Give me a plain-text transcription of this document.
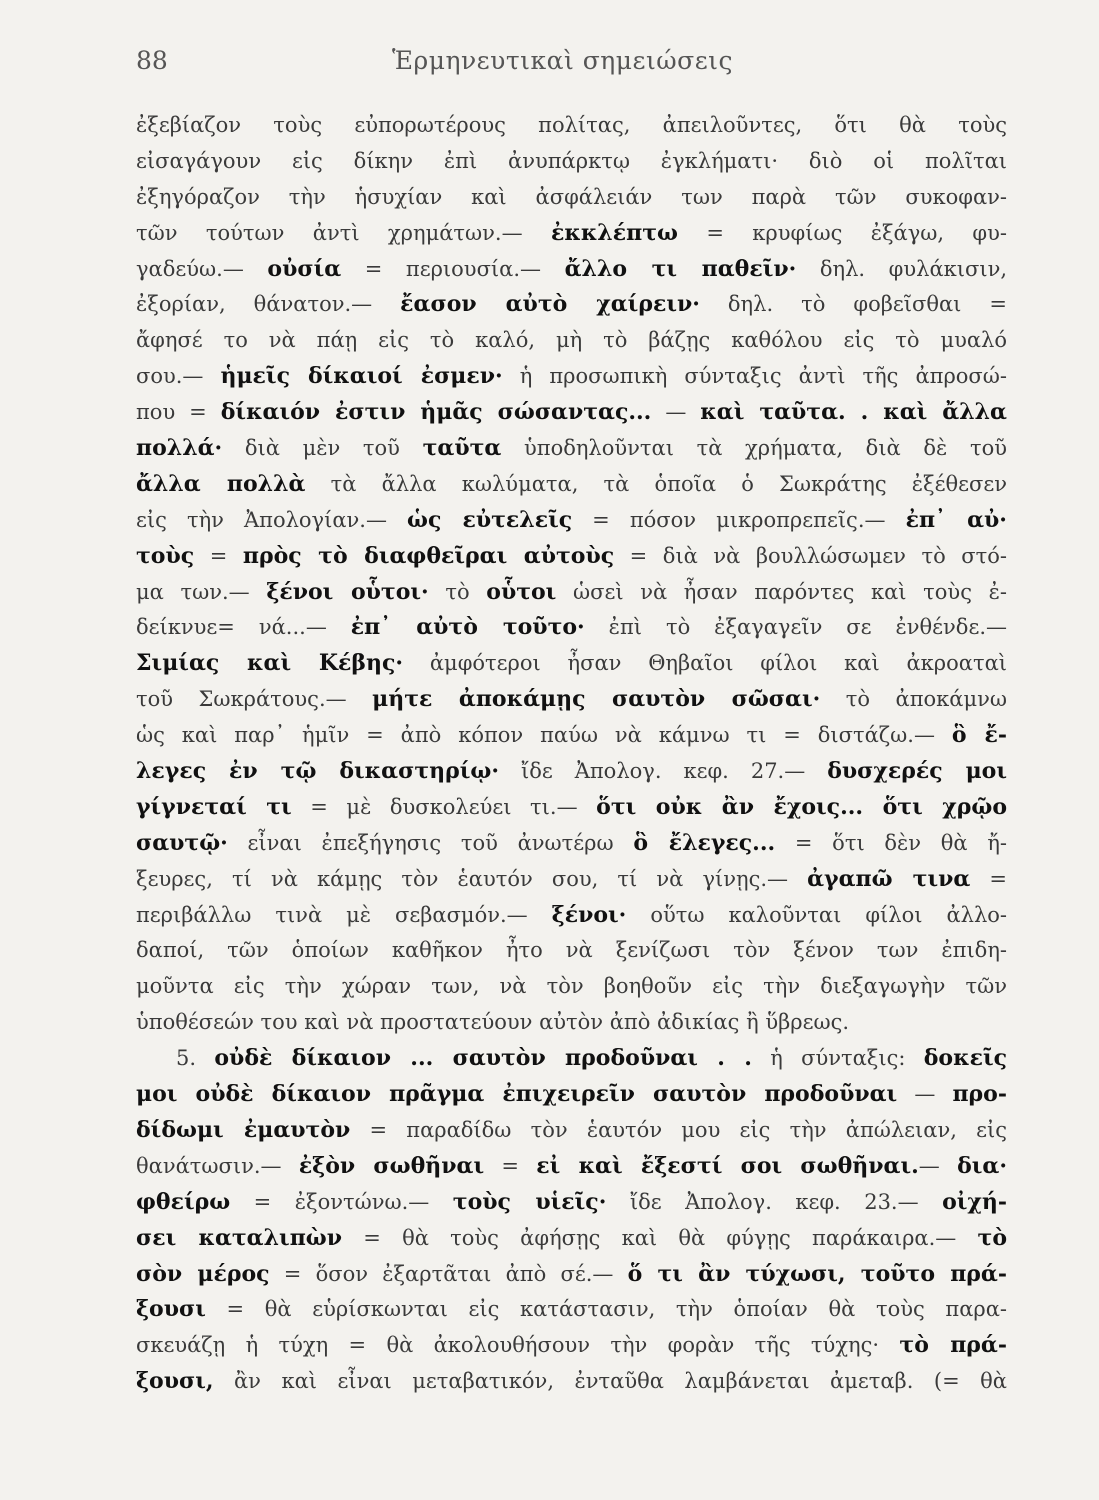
88	Ἑρμηνευτικαὶ σημειώσεις
ἐξεβίαζον τοὺς εὐπορωτέρους πολίτας, ἀπειλοῦντες, ὅτι θὰ τοὺς
εἰσαγάγουν εἰς δίκην ἐπὶ ἀνυπάρκτῳ ἐγκλήματι· διὸ οἱ πολῖται
ἐξηγόραζον τὴν ἡσυχίαν καὶ ἀσφάλειάν των παρὰ τῶν συκοφαν-
τῶν τούτων ἀντὶ χρημάτων.— ἐκκλέπτω = κρυφίως ἐξάγω, φυ-
γαδεύω.— οὐσία = περιουσία.— ἄλλο τι παθεῖν· δηλ. φυλάκισιν,
ἐξορίαν, θάνατον.— ἔασον αὐτὸ χαίρειν· δηλ. τὸ φοβεῖσθαι =
ἄφησέ το νὰ πάῃ εἰς τὸ καλό, μὴ τὸ βάζῃς καθόλου εἰς τὸ μυαλό
σου.— ἡμεῖς δίκαιοί ἐσμεν· ἡ προσωπικὴ σύνταξις ἀντὶ τῆς ἀπροσώ-
που = δίκαιόν ἐστιν ἡμᾶς σώσαντας... — καὶ ταῦτα. . καὶ ἄλλα
πολλά· διὰ μὲν τοῦ ταῦτα ὑποδηλοῦνται τὰ χρήματα, διὰ δὲ τοῦ
ἄλλα πολλὰ τὰ ἄλλα κωλύματα, τὰ ὁποῖα ὁ Σωκράτης ἐξέθεσεν
εἰς τὴν Ἀπολογίαν.— ὡς εὐτελεῖς = πόσον μικροπρεπεῖς.— ἐπ᾽ αὐ·
τοὺς = πρὸς τὸ διαφθεῖραι αὐτοὺς = διὰ νὰ βουλλώσωμεν τὸ στό-
μα των.— ξένοι οὗτοι· τὸ οὗτοι ὡσεὶ νὰ ἦσαν παρόντες καὶ τοὺς ἐ-
δείκνυε= νά...— ἐπ᾽ αὐτὸ τοῦτο· ἐπὶ τὸ ἐξαγαγεῖν σε ἐνθένδε.—
Σιμίας καὶ Κέβης· ἀμφότεροι ἦσαν Θηβαῖοι φίλοι καὶ ἀκροαταὶ
τοῦ Σωκράτους.— μήτε ἀποκάμῃς σαυτὸν σῶσαι· τὸ ἀποκάμνω
ὡς καὶ παρ᾽ ἡμῖν = ἀπὸ κόπον παύω νὰ κάμνω τι = διστάζω.— ὃ ἔ-
λεγες ἐν τῷ δικαστηρίῳ· ἴδε Ἀπολογ. κεφ. 27.— δυσχερές μοι
γίγνεταί τι = μὲ δυσκολεύει τι.— ὅτι οὐκ ἂν ἔχοις... ὅτι χρῷο
σαυτῷ· εἶναι ἐπεξήγησις τοῦ ἀνωτέρω ὃ ἔλεγες... = ὅτι δὲν θὰ ἤ-
ξευρες, τί νὰ κάμῃς τὸν ἑαυτόν σου, τί νὰ γίνῃς.— ἀγαπῶ τινα =
περιβάλλω τινὰ μὲ σεβασμόν.— ξένοι· οὕτω καλοῦνται φίλοι ἀλλο-
δαποί, τῶν ὁποίων καθῆκον ἦτο νὰ ξενίζωσι τὸν ξένον των ἐπιδη-
μοῦντα εἰς τὴν χώραν των, νὰ τὸν βοηθοῦν εἰς τὴν διεξαγωγὴν τῶν
ὑποθέσεών του καὶ νὰ προστατεύουν αὐτὸν ἀπὸ ἀδικίας ἢ ὕβρεως.
5. οὐδὲ δίκαιον ... σαυτὸν προδοῦναι . . ἡ σύνταξις: δοκεῖς
μοι οὐδὲ δίκαιον πρᾶγμα ἐπιχειρεῖν σαυτὸν προδοῦναι — προ-
δίδωμι ἐμαυτὸν = παραδίδω τὸν ἑαυτόν μου εἰς τὴν ἀπώλειαν, εἰς
θανάτωσιν.— ἐξὸν σωθῆναι = εἰ καὶ ἔξεστί σοι σωθῆναι.— δια·
φθείρω = ἐξοντώνω.— τοὺς υἱεῖς· ἴδε Ἀπολογ. κεφ. 23.— οἰχή-
σει καταλιπὼν = θὰ τοὺς ἀφήσῃς καὶ θὰ φύγῃς παράκαιρα.— τὸ
σὸν μέρος = ὅσον ἐξαρτᾶται ἀπὸ σέ.— ὅ τι ἂν τύχωσι, τοῦτο πρά-
ξουσι = θὰ εὑρίσκωνται εἰς κατάστασιν, τὴν ὁποίαν θὰ τοὺς παρα-
σκευάζῃ ἡ τύχη = θὰ ἀκολουθήσουν τὴν φορὰν τῆς τύχης· τὸ πρά-
ξουσι, ἂν καὶ εἶναι μεταβατικόν, ἐνταῦθα λαμβάνεται ἀμεταβ. (= θὰ
